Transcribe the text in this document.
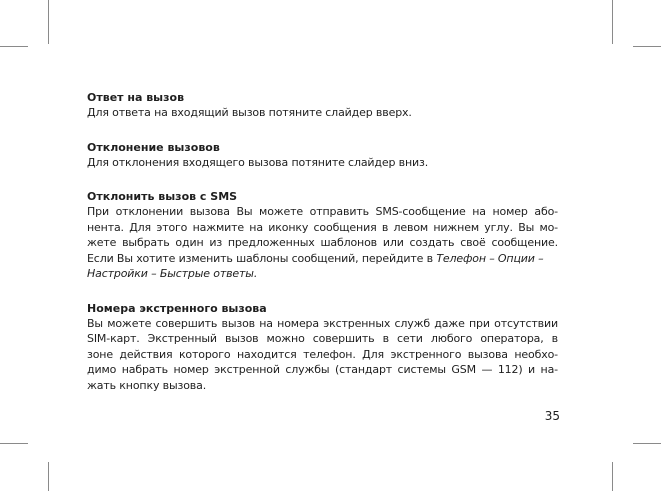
Ответ на вызов

Для ответа на входящий вызов потяните слайдер вверх.

Отклонение вызовов

Для отклонения входящего вызова потяните слайдер вниз.

Отклонить вызов с SMS

При отклонении вызова Вы можете отправить SMS-сообщение на номер або-
нента. Для этого нажмите на иконку сообщения в левом нижнем углу. Вы мо-
жете выбрать один из предложенных шаблонов или создать своё сообщение.
Если Вы хотите изменить шаблоны сообщений, перейдите в Телефон – Опции –
Настройки – Быстрые ответы.

Номера экстренного вызова

Вы можете совершить вызов на номера экстренных служб даже при отсутствии
SIM-карт. Экстренный вызов можно совершить в сети любого оператора, в
зоне действия которого находится телефон. Для экстренного вызова необхо-
димо набрать номер экстренной службы (стандарт системы GSM — 112) и на-
жать кнопку вызова.

35
